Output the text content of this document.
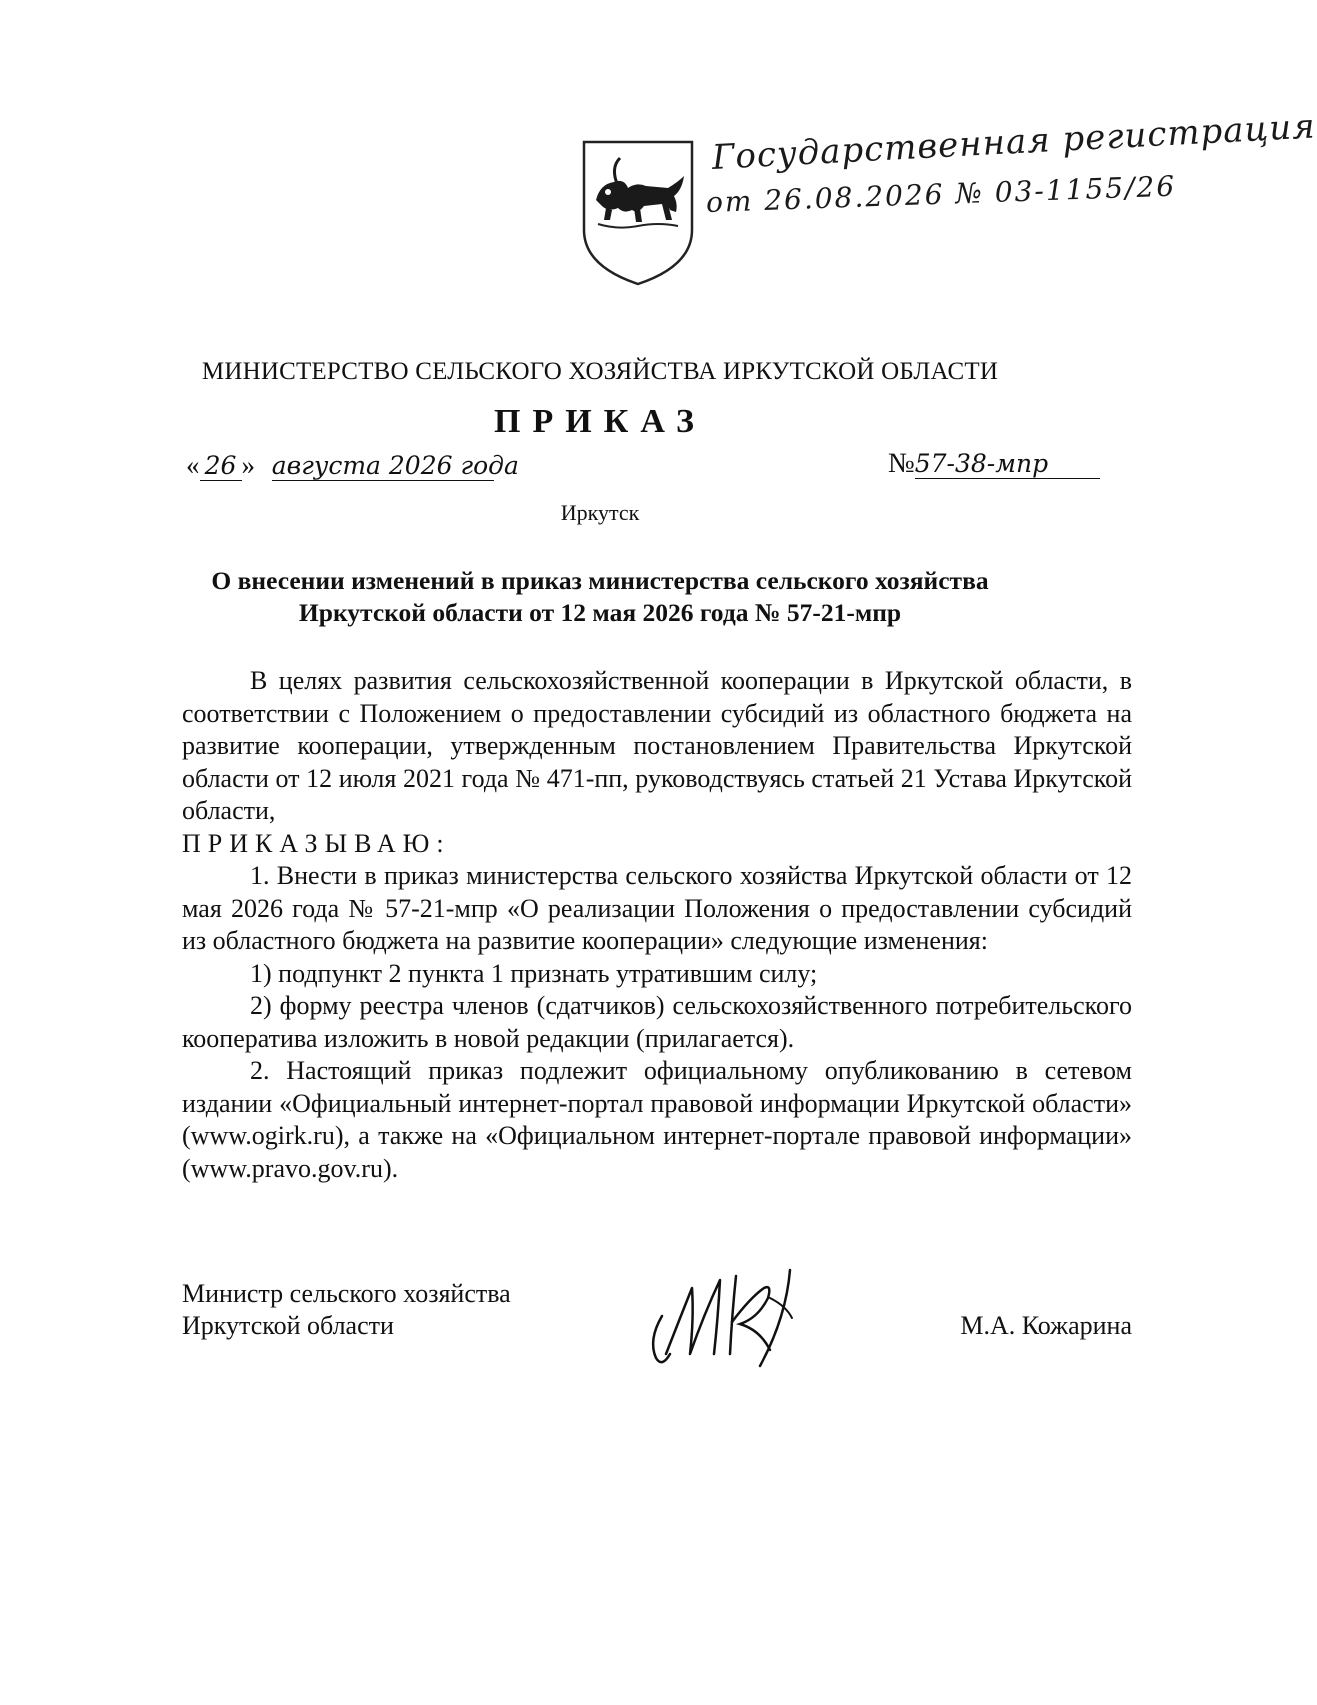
Государственная регистрация
от 26.08.2026 № 03-1155/26
МИНИСТЕРСТВО СЕЛЬСКОГО ХОЗЯЙСТВА ИРКУТСКОЙ ОБЛАСТИ
ПРИКАЗ
« 26 » августа 2026 года	№57-38-мпр
Иркутск
О внесении изменений в приказ министерства сельского хозяйства
Иркутской области от 12 мая 2026 года № 57-21-мпр

В целях развития сельскохозяйственной кооперации в Иркутской области, в соответствии с Положением о предоставлении субсидий из областного бюджета на развитие кооперации, утвержденным постановлением Правительства Иркутской области от 12 июля 2021 года № 471-пп, руководствуясь статьей 21 Устава Иркутской области,

ПРИКАЗЫВАЮ:

1. Внести в приказ министерства сельского хозяйства Иркутской области от 12 мая 2026 года № 57-21-мпр «О реализации Положения о предоставлении субсидий из областного бюджета на развитие кооперации» следующие изменения:

1) подпункт 2 пункта 1 признать утратившим силу;

2) форму реестра членов (сдатчиков) сельскохозяйственного потребительского кооператива изложить в новой редакции (прилагается).

2. Настоящий приказ подлежит официальному опубликованию в сетевом издании «Официальный интернет-портал правовой информации Иркутской области» (www.ogirk.ru), а также на «Официальном интернет-портале правовой информации» (www.pravo.gov.ru).

Министр сельского хозяйства
Иркутской области	М.А. Кожарина
